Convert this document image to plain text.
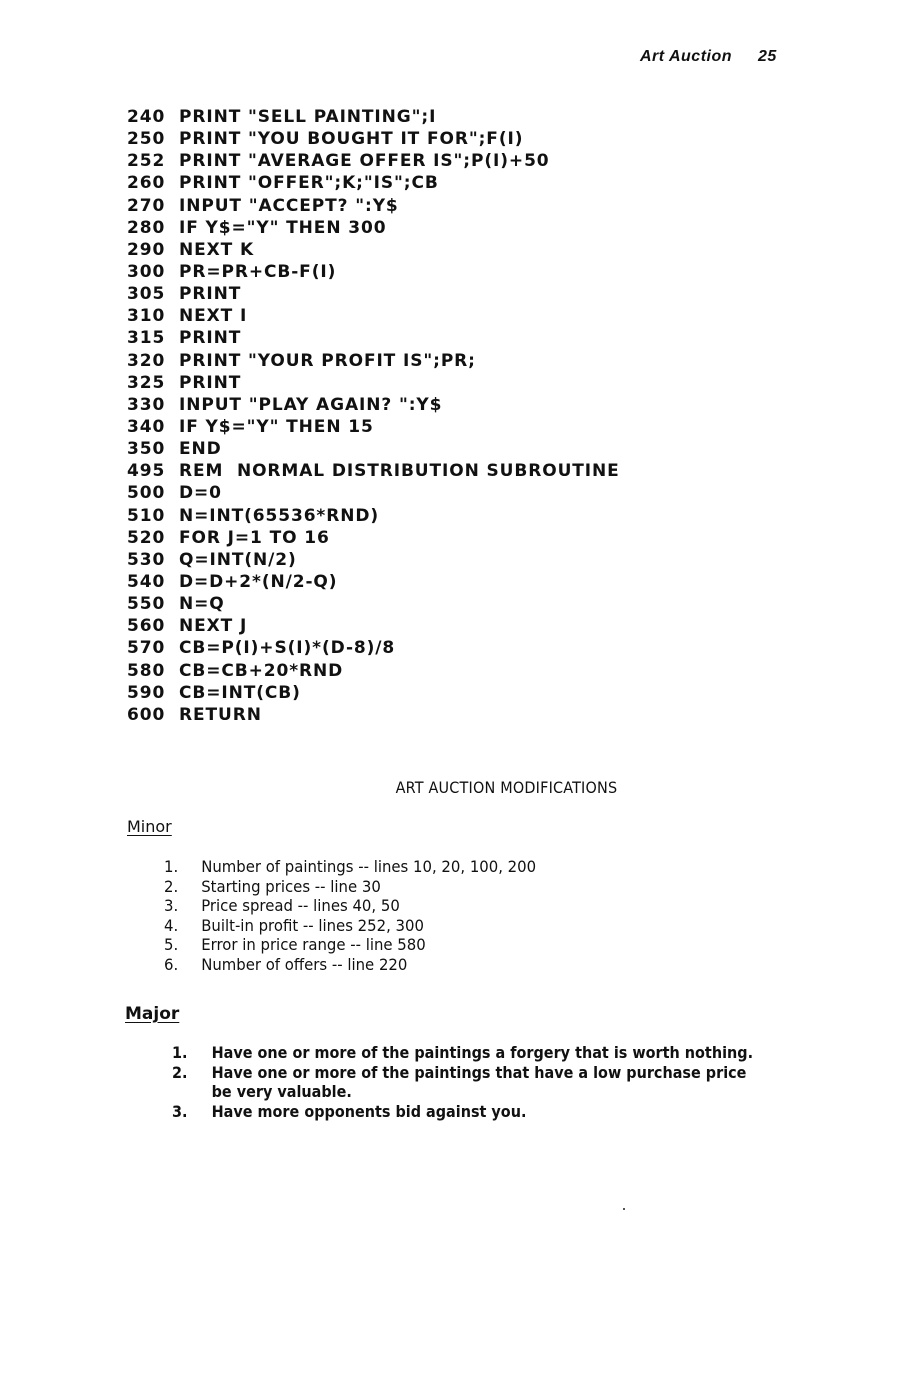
Art Auction 25
240 PRINT "SELL PAINTING";I
250 PRINT "YOU BOUGHT IT FOR";F(I)
252 PRINT "AVERAGE OFFER IS";P(I)+50
260 PRINT "OFFER";K;"IS";CB
270 INPUT "ACCEPT? ":Y$
280 IF Y$="Y" THEN 300
290 NEXT K
300 PR=PR+CB-F(I)
305 PRINT
310 NEXT I
315 PRINT
320 PRINT "YOUR PROFIT IS";PR;
325 PRINT
330 INPUT "PLAY AGAIN? ":Y$
340 IF Y$="Y" THEN 15
350 END
495 REM  NORMAL DISTRIBUTION SUBROUTINE
500 D=0
510 N=INT(65536*RND)
520 FOR J=1 TO 16
530 Q=INT(N/2)
540 D=D+2*(N/2-Q)
550 N=Q
560 NEXT J
570 CB=P(I)+S(I)*(D-8)/8
580 CB=CB+20*RND
590 CB=INT(CB)
600 RETURN
ART AUCTION MODIFICATIONS
Minor
1.	Number of paintings -- lines 10, 20, 100, 200
2.	Starting prices -- line 30
3.	Price spread -- lines 40, 50
4.	Built-in profit -- lines 252, 300
5.	Error in price range -- line 580
6.	Number of offers -- line 220
Major
1.	Have one or more of the paintings a forgery that is worth nothing.
2.	Have one or more of the paintings that have a low purchase price
be very valuable.
3.	Have more opponents bid against you.
